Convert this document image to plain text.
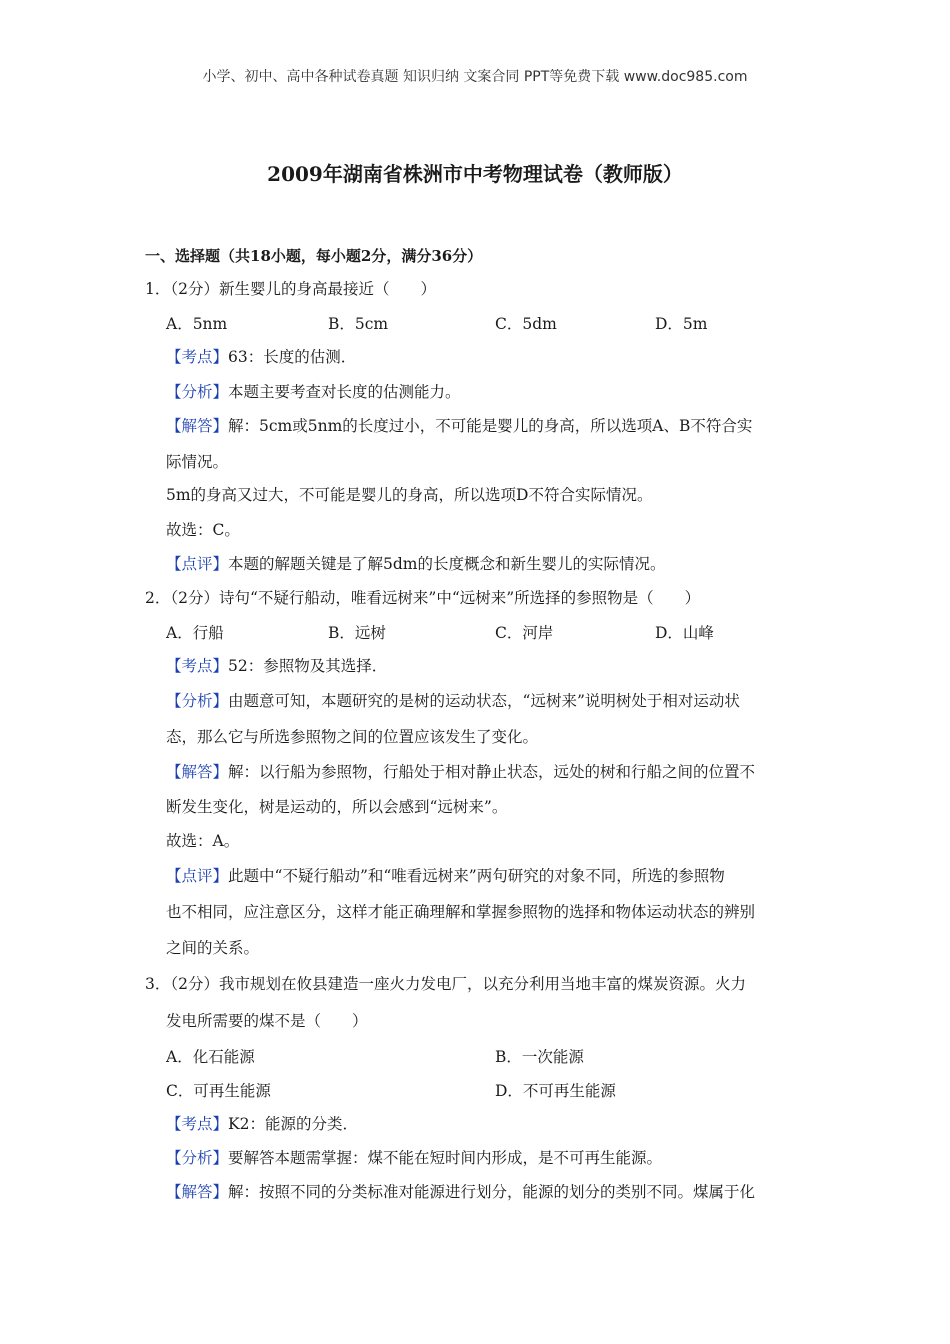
小学、初中、高中各种试卷真题 知识归纳 文案合同 PPT等免费下载 www.doc985.com
2009年湖南省株洲市中考物理试卷（教师版）
一、选择题（共18小题，每小题2分，满分36分）
1．（2分）新生婴儿的身高最接近（　　）
A．5nm	B．5cm	C．5dm	D．5m
【考点】63：长度的估测．
【分析】本题主要考查对长度的估测能力。
【解答】解：5cm或5nm的长度过小，不可能是婴儿的身高，所以选项A、B不符合实
际情况。
5m的身高又过大，不可能是婴儿的身高，所以选项D不符合实际情况。
故选：C。
【点评】本题的解题关键是了解5dm的长度概念和新生婴儿的实际情况。
2．（2分）诗句“不疑行船动，唯看远树来”中“远树来”所选择的参照物是（　　）
A．行船	B．远树	C．河岸	D．山峰
【考点】52：参照物及其选择．
【分析】由题意可知，本题研究的是树的运动状态，“远树来”说明树处于相对运动状
态，那么它与所选参照物之间的位置应该发生了变化。
【解答】解：以行船为参照物，行船处于相对静止状态，远处的树和行船之间的位置不
断发生变化，树是运动的，所以会感到“远树来”。
故选：A。
【点评】此题中“不疑行船动”和“唯看远树来”两句研究的对象不同，所选的参照物
也不相同，应注意区分，这样才能正确理解和掌握参照物的选择和物体运动状态的辨别
之间的关系。
3．（2分）我市规划在攸县建造一座火力发电厂，以充分利用当地丰富的煤炭资源。火力
发电所需要的煤不是（　　）
A．化石能源	B．一次能源
C．可再生能源	D．不可再生能源
【考点】K2：能源的分类．
【分析】要解答本题需掌握：煤不能在短时间内形成，是不可再生能源。
【解答】解：按照不同的分类标准对能源进行划分，能源的划分的类别不同。煤属于化
